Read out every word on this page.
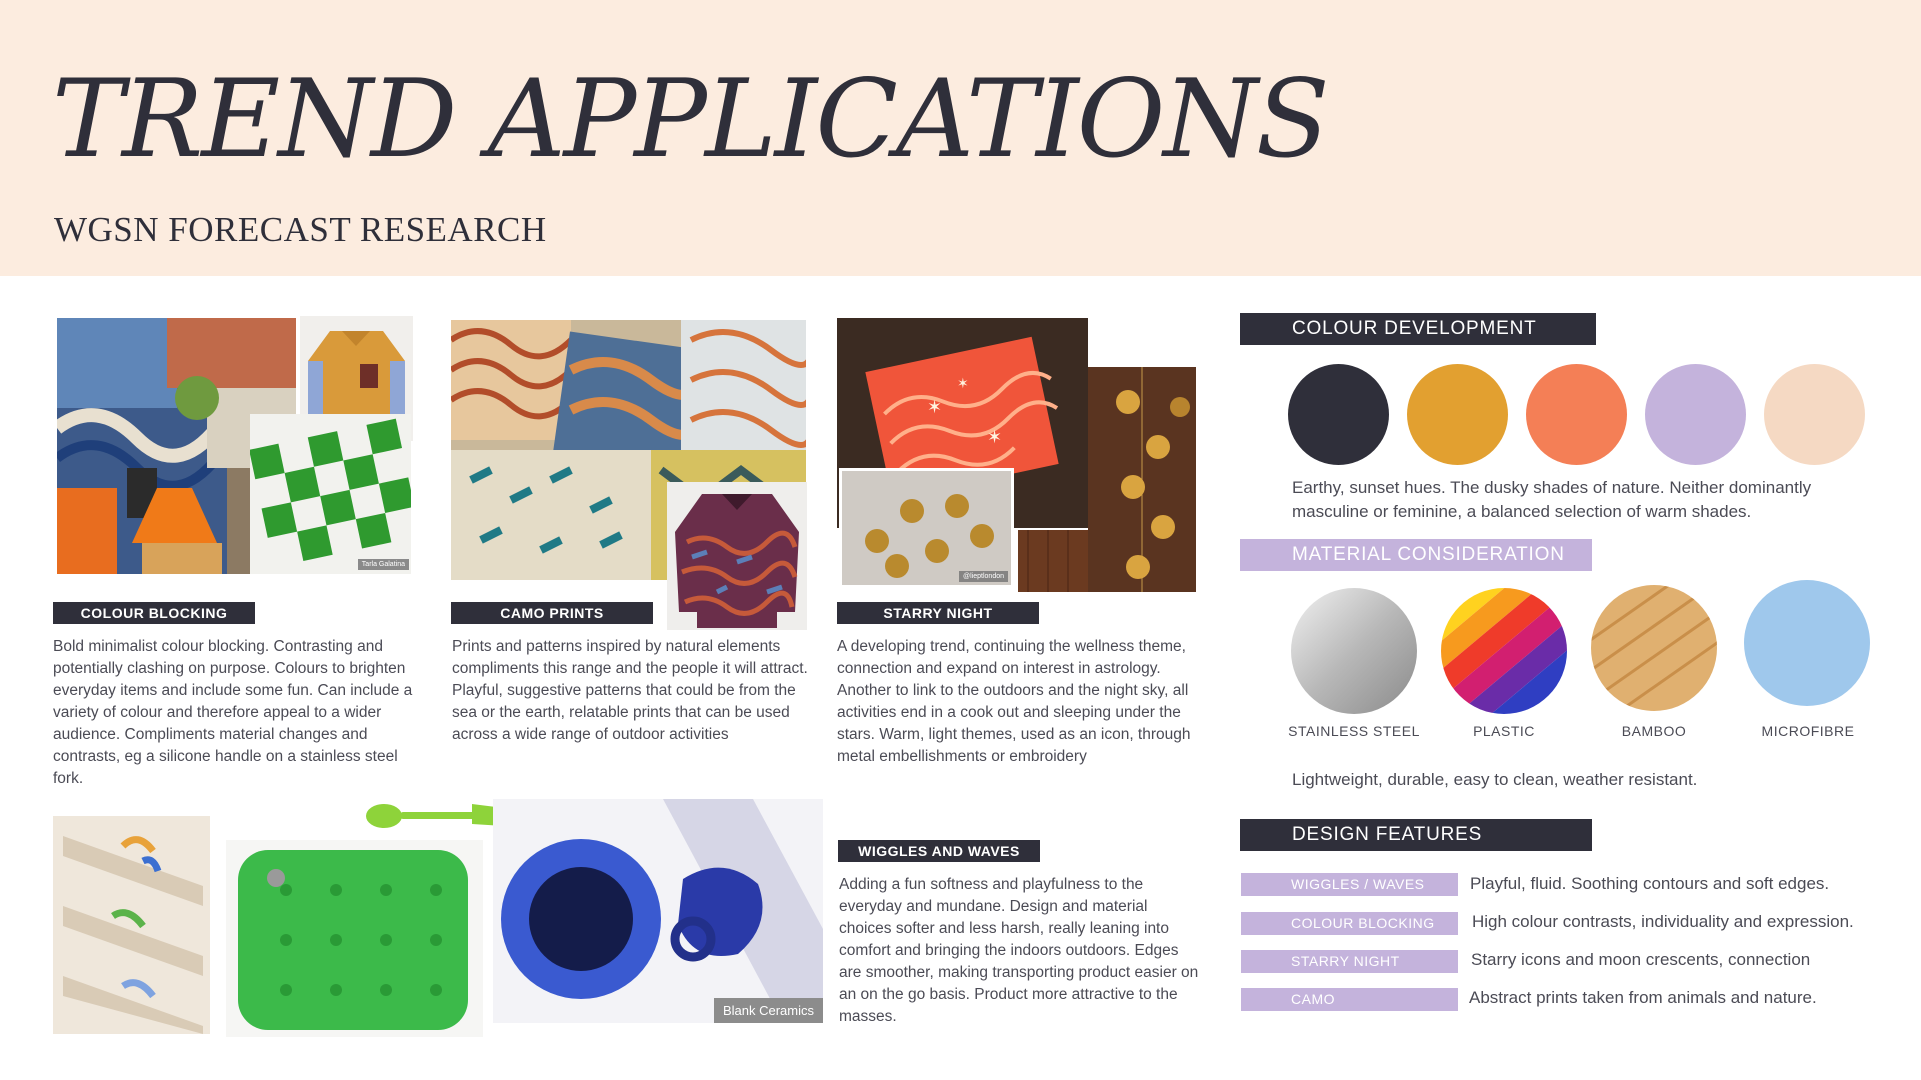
TREND APPLICATIONS
WGSN FORECAST RESEARCH
Tarla Galatina
✶
✶
✶
@lieptlondon
Blank Ceramics
COLOUR BLOCKING
Bold minimalist colour blocking. Contrasting and potentially clashing on purpose. Colours to brighten everyday items and include some fun. Can include a variety of colour and therefore appeal to a wider audience. Compliments material changes and contrasts, eg a silicone handle on a stainless steel fork.
CAMO PRINTS
Prints and patterns inspired by natural elements compliments this range and the people it will attract. Playful, suggestive patterns that could be from the sea or the earth, relatable prints that can be used across a wide range of outdoor activities
STARRY NIGHT
A developing trend, continuing the wellness theme, connection and expand on interest in astrology. Another to link to the outdoors and the night sky, all activities end in a cook out and sleeping under the stars. Warm, light themes, used as an icon, through metal embellishments or embroidery
WIGGLES AND WAVES
Adding a fun softness and playfulness to the everyday and mundane. Design and material choices softer and less harsh, really leaning into comfort and bringing the indoors outdoors. Edges are smoother, making transporting product easier on an on the go basis. Product more attractive to the masses.
COLOUR DEVELOPMENT
Earthy, sunset hues. The dusky shades of nature. Neither dominantly masculine or feminine, a balanced selection of warm shades.
MATERIAL CONSIDERATION
STAINLESS STEEL	PLASTIC	BAMBOO	MICROFIBRE
Lightweight, durable, easy to clean, weather resistant.
DESIGN FEATURES
WIGGLES / WAVES	Playful, fluid. Soothing contours and soft edges.
COLOUR BLOCKING	High colour contrasts, individuality and expression.
STARRY NIGHT	Starry icons and moon crescents, connection
CAMO	Abstract prints taken from animals and nature.
